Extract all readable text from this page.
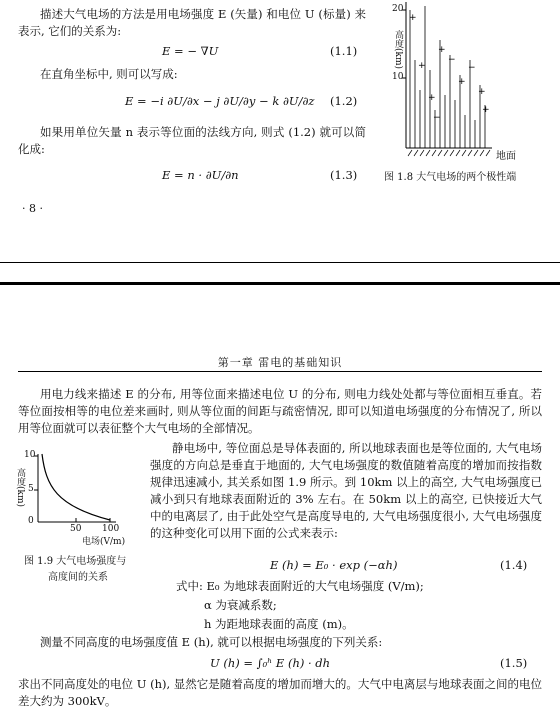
描述大气电场的方法是用电场强度 E (矢量) 和电位 U (标量) 来表示, 它们的关系为:
E = − ∇U	(1.1)
在直角坐标中, 则可以写成:
E = −i ∂U/∂x − j ∂U/∂y − k ∂U/∂z (1.2)
如果用单位矢量 n 表示等位面的法线方向, 则式 (1.2) 就可以简化成:
E = n · ∂U/∂n	(1.3)
· 8 ·
+
+
+
+
−
+
−
+
+
−
高度(km)
20
10
地面
图 1.8 大气电场的两个极性端
第一章 雷电的基础知识
用电力线来描述 E 的分布, 用等位面来描述电位 U 的分布, 则电力线处处都与等位面相互垂直。若等位面按相等的电位差来画时, 则从等位面的间距与疏密情况, 即可以知道电场强度的分布情况了, 所以用等位面就可以表征整个大气电场的全部情况。
高度(km)
10
5
0
50 100
电场(V/m)
图 1.9 大气电场强度与
高度间的关系
静电场中, 等位面总是导体表面的, 所以地球表面也是等位面的, 大气电场强度的方向总是垂直于地面的, 大气电场强度的数值随着高度的增加而按指数规律迅速减小, 其关系如图 1.9 所示。到 10km 以上的高空, 大气电场强度已减小到只有地球表面附近的 3% 左右。在 50km 以上的高空, 已快接近大气中的电离层了, 由于此处空气是高度导电的, 大气电场强度很小, 大气电场强度的这种变化可以用下面的公式来表示:
E (h) = E₀ · exp (−αh)	(1.4)
式中: E₀ 为地球表面附近的大气电场强度 (V/m);
α 为衰减系数;
h 为距地球表面的高度 (m)。
测量不同高度的电场强度值 E (h), 就可以根据电场强度的下列关系:
U (h) = ∫₀ʰ E (h) · dh	(1.5)
求出不同高度处的电位 U (h), 显然它是随着高度的增加而增大的。大气中电离层与地球表面之间的电位差大约为 300kV。
